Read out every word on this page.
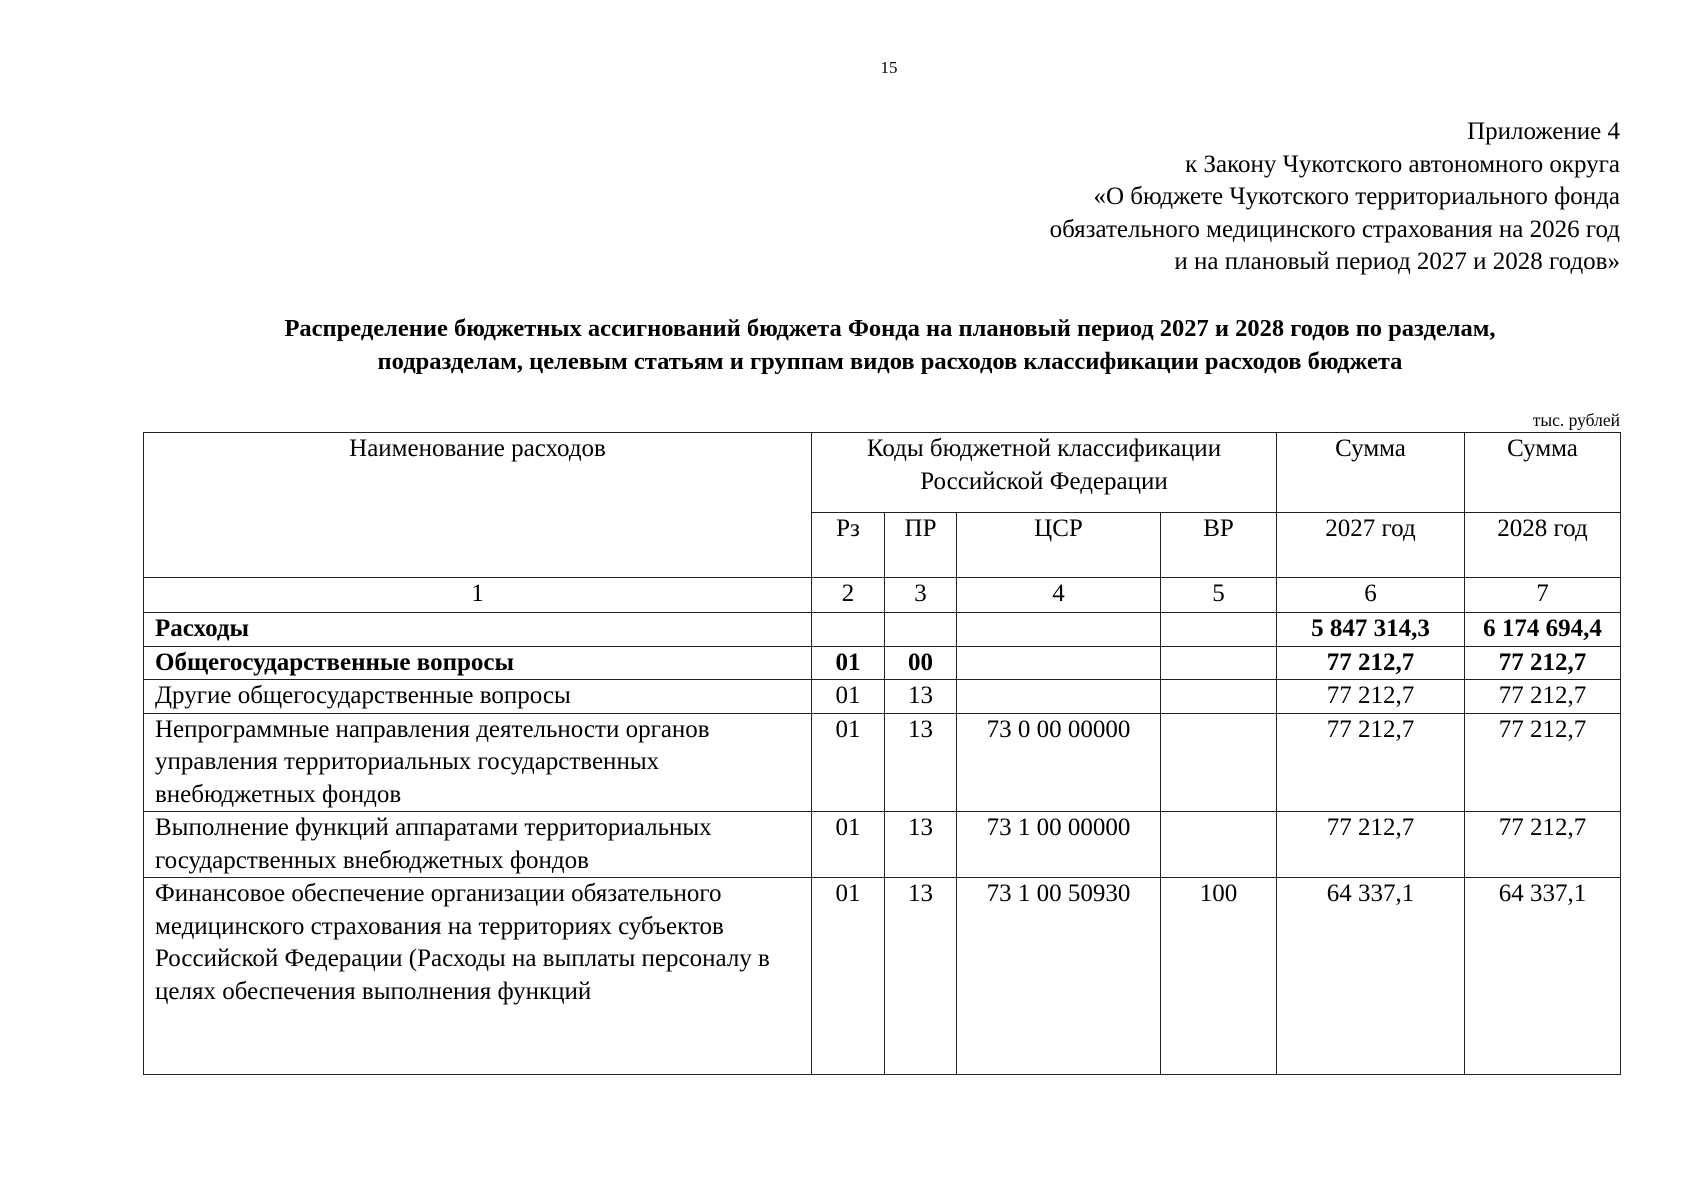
15
Приложение 4
к Закону Чукотского автономного округа
«О бюджете Чукотского территориального фонда
обязательного медицинского страхования на 2026 год
и на плановый период 2027 и 2028 годов»
Распределение бюджетных ассигнований бюджета Фонда на плановый период 2027 и 2028 годов по разделам,
подразделам, целевым статьям и группам видов расходов классификации расходов бюджета
тыс. рублей
Наименование расходов	Коды бюджетной классификации Российской Федерации				Сумма	Сумма
	Рз	ПР	ЦСР	ВР	2027 год	2028 год
1	2	3	4	5	6	7
Расходы					5 847 314,3	6 174 694,4
Общегосударственные вопросы	01	00			77 212,7	77 212,7
Другие общегосударственные вопросы	01	13			77 212,7	77 212,7
Непрограммные направления деятельности органов управления территориальных государственных внебюджетных фондов	01	13	73 0 00 00000		77 212,7	77 212,7
Выполнение функций аппаратами территориальных государственных внебюджетных фондов	01	13	73 1 00 00000		77 212,7	77 212,7
Финансовое обеспечение организации обязательного медицинского страхования на территориях субъектов Российской Федерации (Расходы на выплаты персоналу в целях обеспечения выполнения функций	01	13	73 1 00 50930	100	64 337,1	64 337,1
